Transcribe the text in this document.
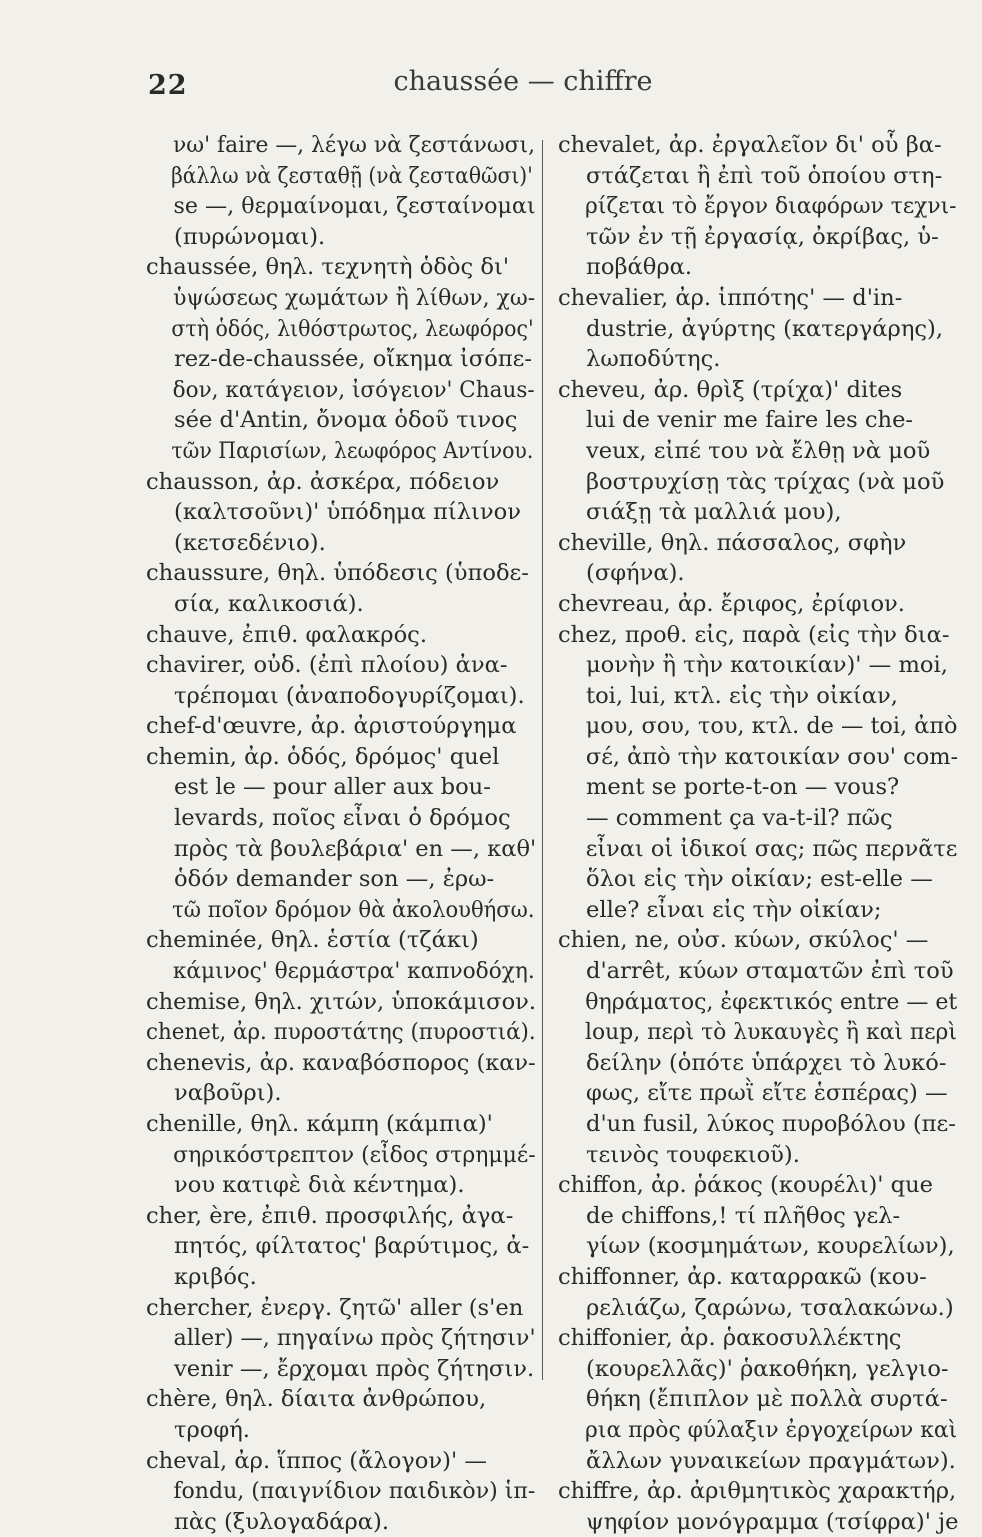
22	chaussée — chiffre
νω' faire —, λέγω νὰ ζεστάνωσι,
βάλλω νὰ ζεσταθῇ (νὰ ζεσταθῶσι)'
se —, θερμαίνομαι, ζεσταίνομαι
(πυρώνομαι).
chaussée, θηλ. τεχνητὴ ὁδὸς δι'
ὑψώσεως χωμάτων ἢ λίθων, χω-
στὴ ὁδός, λιθόστρωτος, λεωφόρος'
rez-de-chaussée, οἴκημα ἰσόπε-
δον, κατάγειον, ἰσόγειον' Chaus-
sée d'Antin, ὄνομα ὁδοῦ τινος
τῶν Παρισίων, λεωφόρος Αντίνου.
chausson, ἀρ. ἀσκέρα, πόδειον
(καλτσοῦνι)' ὑπόδημα πίλινον
(κετσεδένιο).
chaussure, θηλ. ὑπόδεσις (ὑποδε-
σία, καλικοσιά).
chauve, ἐπιθ. φαλακρός.
chavirer, οὐδ. (ἐπὶ πλοίου) ἀνα-
τρέπομαι (ἀναποδογυρίζομαι).
chef-d'œuvre, ἀρ. ἀριστούργημα
chemin, ἀρ. ὁδός, δρόμος' quel
est le — pour aller aux bou-
levards, ποῖος εἶναι ὁ δρόμος
πρὸς τὰ βουλεβάρια' en —, καθ'
ὁδόν demander son —, ἐρω-
τῶ ποῖον δρόμον θὰ ἀκολουθήσω.
cheminée, θηλ. ἑστία (τζάκι)
κάμινος' θερμάστρα' καπνοδόχη.
chemise, θηλ. χιτών, ὑποκάμισον.
chenet, ἀρ. πυροστάτης (πυροστιά).
chenevis, ἀρ. καναβόσπορος (καν-
ναβοῦρι).
chenille, θηλ. κάμπη (κάμπια)'
σηρικόστρεπτον (εἶδος στρημμέ-
νου κατιφὲ διὰ κέντημα).
cher, ère, ἐπιθ. προσφιλής, ἀγα-
πητός, φίλτατος' βαρύτιμος, ἀ-
κριβός.
chercher, ἐνεργ. ζητῶ' aller (s'en
aller) —, πηγαίνω πρὸς ζήτησιν'
venir —, ἔρχομαι πρὸς ζήτησιν.
chère, θηλ. δίαιτα ἀνθρώπου,
τροφή.
cheval, ἀρ. ἵππος (ἄλογον)' —
fondu, (παιγνίδιον παιδικὸν) ἱπ-
πὰς (ξυλογαδάρα).
chevalet, ἀρ. ἐργαλεῖον δι' οὗ βα-
στάζεται ἢ ἐπὶ τοῦ ὁποίου στη-
ρίζεται τὸ ἔργον διαφόρων τεχνι-
τῶν ἐν τῇ ἐργασίᾳ, ὀκρίβας, ὑ-
ποβάθρα.
chevalier, ἀρ. ἱππότης' — d'in-
dustrie, ἀγύρτης (κατεργάρης),
λωποδύτης.
cheveu, ἀρ. θρὶξ (τρίχα)' dites
lui de venir me faire les che-
veux, εἰπέ του νὰ ἔλθῃ νὰ μοῦ
βοστρυχίσῃ τὰς τρίχας (νὰ μοῦ
σιάξῃ τὰ μαλλιά μου),
cheville, θηλ. πάσσαλος, σφὴν
(σφήνα).
chevreau, ἀρ. ἔριφος, ἐρίφιον.
chez, προθ. εἰς, παρὰ (εἰς τὴν δια-
μονὴν ἢ τὴν κατοικίαν)' — moi,
toi, lui, κτλ. εἰς τὴν οἰκίαν,
μου, σου, του, κτλ. de — toi, ἀπὸ
σέ, ἀπὸ τὴν κατοικίαν σου' com-
ment se porte-t-on — vous?
— comment ça va-t-il? πῶς
εἶναι οἱ ἰδικοί σας; πῶς περνᾶτε
ὅλοι εἰς τὴν οἰκίαν; est-elle —
elle? εἶναι εἰς τὴν οἰκίαν;
chien, ne, οὐσ. κύων, σκύλος' —
d'arrêt, κύων σταματῶν ἐπὶ τοῦ
θηράματος, ἐφεκτικός entre — et
loup, περὶ τὸ λυκαυγὲς ἢ καὶ περὶ
δείλην (ὁπότε ὑπάρχει τὸ λυκό-
φως, εἴτε πρωῒ εἴτε ἑσπέρας) —
d'un fusil, λύκος πυροβόλου (πε-
τεινὸς τουφεκιοῦ).
chiffon, ἀρ. ῥάκος (κουρέλι)' que
de chiffons,! τί πλῆθος γελ-
γίων (κοσμημάτων, κουρελίων),
chiffonner, ἀρ. καταρρακῶ (κου-
ρελιάζω, ζαρώνω, τσαλακώνω.)
chiffonier, ἀρ. ῥακοσυλλέκτης
(κουρελλᾶς)' ῥακοθήκη, γελγιο-
θήκη (ἔπιπλον μὲ πολλὰ συρτά-
ρια πρὸς φύλαξιν ἐργοχείρων καὶ
ἄλλων γυναικείων πραγμάτων).
chiffre, ἀρ. ἀριθμητικὸς χαρακτήρ,
ψηφίον μονόγραμμα (τσίφρα)' je
